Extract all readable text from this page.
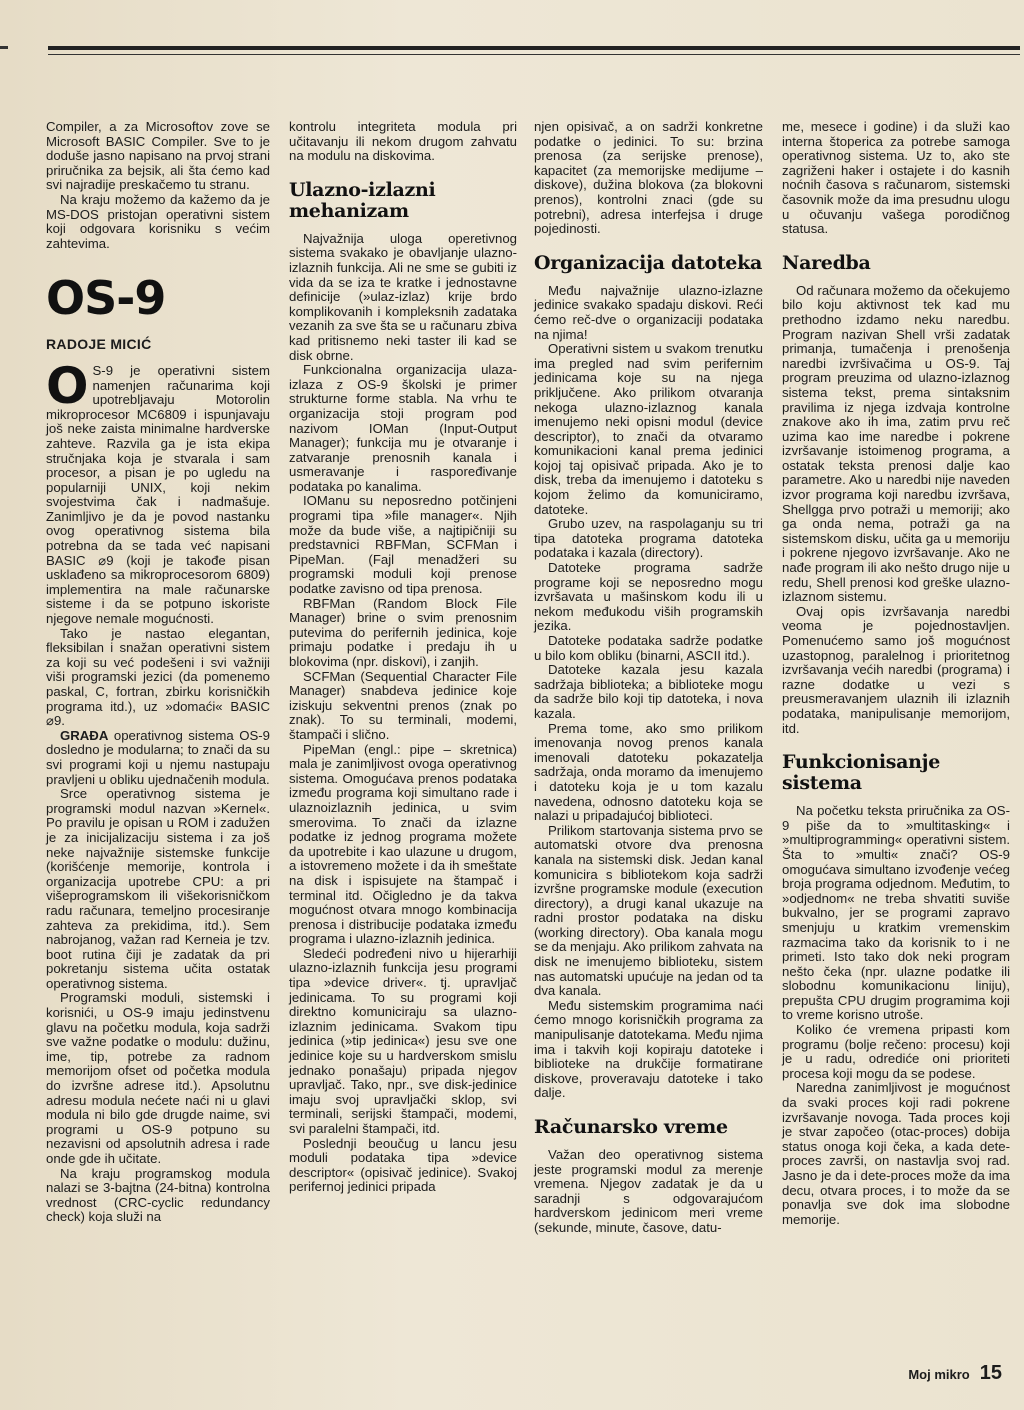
Compiler, a za Microsoftov zove se Microsoft BASIC Compiler. Sve to je doduše jasno napisano na prvoj strani priručnika za bejsik, ali šta ćemo kad svi najradije preskačemo tu stranu.

Na kraju možemo da kažemo da je MS-DOS pristojan operativni sistem koji odgovara korisniku s većim zahtevima.

OS-9
RADOJE MICIĆ

O S-9 je operativni sistem namenjen računarima koji upotrebljavaju Motorolin mikroprocesor MC6809 i ispunjavaju još neke zaista minimalne hardverske zahteve. Razvila ga je ista ekipa stručnjaka koja je stvarala i sam procesor, a pisan je po ugledu na popularniji UNIX, koji nekim svojestvima čak i nadmašuje. Zanimljivo je da je povod nastanku ovog operativnog sistema bila potrebna da se tada već napisani BASIC ⌀9 (koji je takođe pisan usklađeno sa mikroprocesorom 6809) implementira na male računarske sisteme i da se potpuno iskoriste njegove nemale mogućnosti.

Tako je nastao elegantan, fleksibilan i snažan operativni sistem za koji su već podešeni i svi važniji viši programski jezici (da pomenemo paskal, C, fortran, zbirku korisničkih programa itd.), uz »domaći« BASIC ⌀9.

GRAĐA operativnog sistema OS-9 dosledno je modularna; to znači da su svi programi koji u njemu nastupaju pravljeni u obliku ujednačenih modula.

Srce operativnog sistema je programski modul nazvan »Kernel«. Po pravilu je opisan u ROM i zadužen je za inicijalizaciju sistema i za još neke najvažnije sistemske funkcije (korišćenje memorije, kontrola i organizacija upotrebe CPU: a pri višeprogramskom ili višekorisničkom radu računara, temeljno procesiranje zahteva za prekidima, itd.). Sem nabrojanog, važan rad Kerneia je tzv. boot rutina čiji je zadatak da pri pokretanju sistema učita ostatak operativnog sistema.

Programski moduli, sistemski i korisnići, u OS-9 imaju jedinstvenu glavu na početku modula, koja sadrži sve važne podatke o modulu: dužinu, ime, tip, potrebe za radnom memorijom ofset od početka modula do izvršne adrese itd.). Apsolutnu adresu modula nećete naći ni u glavi modula ni bilo gde drugde naime, svi programi u OS-9 potpuno su nezavisni od apsolutnih adresa i rade onde gde ih učitate.

Na kraju programskog modula nalazi se 3-bajtna (24-bitna) kontrolna vrednost (CRC-cyclic redundancy check) koja služi na

kontrolu integriteta modula pri učitavanju ili nekom drugom zahvatu na modulu na diskovima.

Ulazno-izlazni mehanizam

Najvažnija uloga operetivnog sistema svakako je obavljanje ulazno-izlaznih funkcija. Ali ne sme se gubiti iz vida da se iza te kratke i jednostavne definicije (»ulaz-izlaz) krije brdo komplikovanih i kompleksnih zadataka vezanih za sve šta se u računaru zbiva kad pritisnemo neki taster ili kad se disk obrne.

Funkcionalna organizacija ulaza-izlaza z OS-9 školski je primer strukturne forme stabla. Na vrhu te organizacija stoji program pod nazivom IOMan (Input-Output Manager); funkcija mu je otvaranje i zatvaranje prenosnih kanala i usmeravanje i raspoređivanje podataka po kanalima.

IOManu su neposredno potčinjeni programi tipa »file manager«. Njih može da bude više, a najtipičniji su predstavnici RBFMan, SCFMan i PipeMan. (Fajl menadžeri su programski moduli koji prenose podatke zavisno od tipa prenosa.

RBFMan (Random Block File Manager) brine o svim prenosnim putevima do perifernih jedinica, koje primaju podatke i predaju ih u blokovima (npr. diskovi), i zanjih.

SCFMan (Sequential Character File Manager) snabdeva jedinice koje iziskuju sekventni prenos (znak po znak). To su terminali, modemi, štampači i slično.

PipeMan (engl.: pipe – skretnica) mala je zanimljivost ovoga operativnog sistema. Omogućava prenos podataka između programa koji simultano rade i ulaznoizlaznih jedinica, u svim smerovima. To znači da izlazne podatke iz jednog programa možete da upotrebite i kao ulazune u drugom, a istovremeno možete i da ih smeštate na disk i ispisujete na štampač i terminal itd. Očigledno je da takva mogućnost otvara mnogo kombinacija prenosa i distribucije podataka između programa i ulazno-izlaznih jedinica.

Sledeći podređeni nivo u hijerarhiji ulazno-izlaznih funkcija jesu programi tipa »device driver«. tj. upravljač jedinicama. To su programi koji direktno komuniciraju sa ulazno-izlaznim jedinicama. Svakom tipu jedinica (»tip jedinica«) jesu sve one jedinice koje su u hardverskom smislu jednako ponašaju) pripada njegov upravljač. Tako, npr., sve disk-jedinice imaju svoj upravljački sklop, svi terminali, serijski štampači, modemi, svi paralelni štampači, itd.

Poslednji beoučug u lancu jesu moduli podataka tipa »device descriptor« (opisivač jedinice). Svakoj perifernoj jedinici pripada

njen opisivač, a on sadrži konkretne podatke o jedinici. To su: brzina prenosa (za serijske prenose), kapacitet (za memorijske medijume – diskove), dužina blokova (za blokovni prenos), kontrolni znaci (gde su potrebni), adresa interfejsa i druge pojedinosti.

Organizacija datoteka

Među najvažnije ulazno-izlazne jedinice svakako spadaju diskovi. Reći ćemo reč-dve o organizaciji podataka na njima!

Operativni sistem u svakom trenutku ima pregled nad svim perifernim jedinicama koje su na njega priključene. Ako prilikom otvaranja nekoga ulazno-izlaznog kanala imenujemo neki opisni modul (device descriptor), to znači da otvaramo komunikacioni kanal prema jedinici kojoj taj opisivač pripada. Ako je to disk, treba da imenujemo i datoteku s kojom želimo da komuniciramo, datoteke.

Grubo uzev, na raspolaganju su tri tipa datoteka programa datoteka podataka i kazala (directory).

Datoteke programa sadrže programe koji se neposredno mogu izvršavata u mašinskom kodu ili u nekom međukodu viših programskih jezika.

Datoteke podataka sadrže podatke u bilo kom obliku (binarni, ASCII itd.).

Datoteke kazala jesu kazala sadržaja biblioteka; a biblioteke mogu da sadrže bilo koji tip datoteka, i nova kazala.

Prema tome, ako smo prilikom imenovanja novog prenos kanala imenovali datoteku pokazatelja sadržaja, onda moramo da imenujemo i datoteku koja je u tom kazalu navedena, odnosno datoteku koja se nalazi u pripadajućoj biblioteci.

Prilikom startovanja sistema prvo se automatski otvore dva prenosna kanala na sistemski disk. Jedan kanal komunicira s bibliotekom koja sadrži izvršne programske module (execution directory), a drugi kanal ukazuje na radni prostor podataka na disku (working directory). Oba kanala mogu se da menjaju. Ako prilikom zahvata na disk ne imenujemo biblioteku, sistem nas automatski upućuje na jedan od ta dva kanala.

Među sistemskim programima naći ćemo mnogo korisničkih programa za manipulisanje datotekama. Među njima ima i takvih koji kopiraju datoteke i biblioteke na drukčije formatirane diskove, proveravaju datoteke i tako dalje.

Računarsko vreme

Važan deo operativnog sistema jeste programski modul za merenje vremena. Njegov zadatak je da u saradnji s odgovarajućom hardverskom jedinicom meri vreme (sekunde, minute, časove, datu-

me, mesece i godine) i da služi kao interna štoperica za potrebe samoga operativnog sistema. Uz to, ako ste zagriženi haker i ostajete i do kasnih noćnih časova s računarom, sistemski časovnik može da ima presudnu ulogu u očuvanju vašega porodičnog statusa.

Naredba

Od računara možemo da očekujemo bilo koju aktivnost tek kad mu prethodno izdamo neku naredbu. Program nazivan Shell vrši zadatak primanja, tumačenja i prenošenja naredbi izvršivačima u OS-9. Taj program preuzima od ulazno-izlaznog sistema tekst, prema sintaksnim pravilima iz njega izdvaja kontrolne znakove ako ih ima, zatim prvu reč uzima kao ime naredbe i pokrene izvršavanje istoimenog programa, a ostatak teksta prenosi dalje kao parametre. Ako u naredbi nije naveden izvor programa koji naredbu izvršava, Shellgga prvo potraži u memoriji; ako ga onda nema, potraži ga na sistemskom disku, učita ga u memoriju i pokrene njegovo izvršavanje. Ako ne nađe program ili ako nešto drugo nije u redu, Shell prenosi kod greške ulazno-izlaznom sistemu.

Ovaj opis izvršavanja naredbi veoma je pojednostavljen. Pomenućemo samo još mogućnost uzastopnog, paralelnog i prioritetnog izvršavanja većih naredbi (programa) i razne dodatke u vezi s preusmeravanjem ulaznih ili izlaznih podataka, manipulisanje memorijom, itd.

Funkcionisanje sistema

Na početku teksta priručnika za OS-9 piše da to »multitasking« i »multiprogramming« operativni sistem. Šta to »multi« znači? OS-9 omogućava simultano izvođenje većeg broja programa odjednom. Međutim, to »odjednom« ne treba shvatiti suviše bukvalno, jer se programi zapravo smenjuju u kratkim vremenskim razmacima tako da korisnik to i ne primeti. Isto tako dok neki program nešto čeka (npr. ulazne podatke ili slobodnu komunikacionu liniju), prepušta CPU drugim programima koji to vreme korisno utroše.

Koliko će vremena pripasti kom programu (bolje rečeno: procesu) koji je u radu, odrediće oni prioriteti procesa koji mogu da se podese.

Naredna zanimljivost je mogućnost da svaki proces koji radi pokrene izvršavanje novoga. Tada proces koji je stvar započeo (otac-proces) dobija status onoga koji čeka, a kada dete-proces završi, on nastavlja svoj rad. Jasno je da i dete-proces može da ima decu, otvara proces, i to može da se ponavlja sve dok ima slobodne memorije.

Moj mikro 15
